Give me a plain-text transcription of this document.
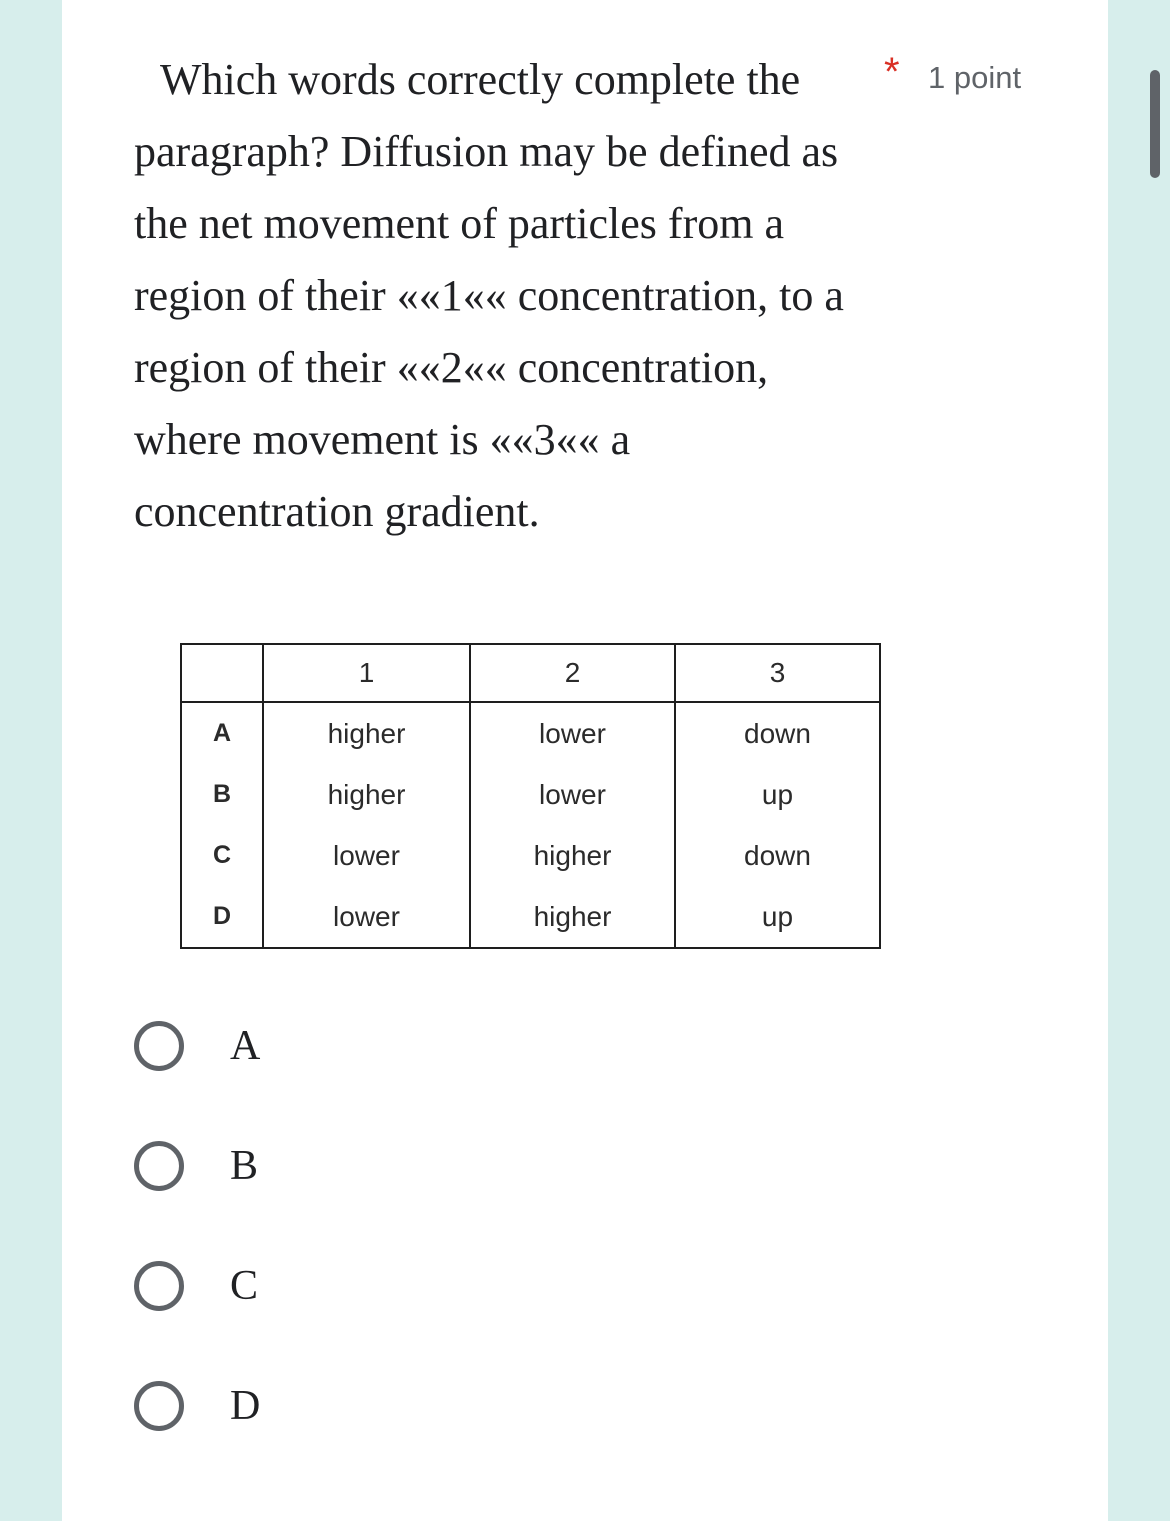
Which words correctly complete the paragraph? Diffusion may be defined as the net movement of particles from a region of their ««1«« concentration, to a region of their ««2«« concentration, where movement is ««3«« a concentration gradient.

* 1 point
	1	2	3
A	higher	lower	down
B	higher	lower	up
C	lower	higher	down
D	lower	higher	up
A
B
C
D
